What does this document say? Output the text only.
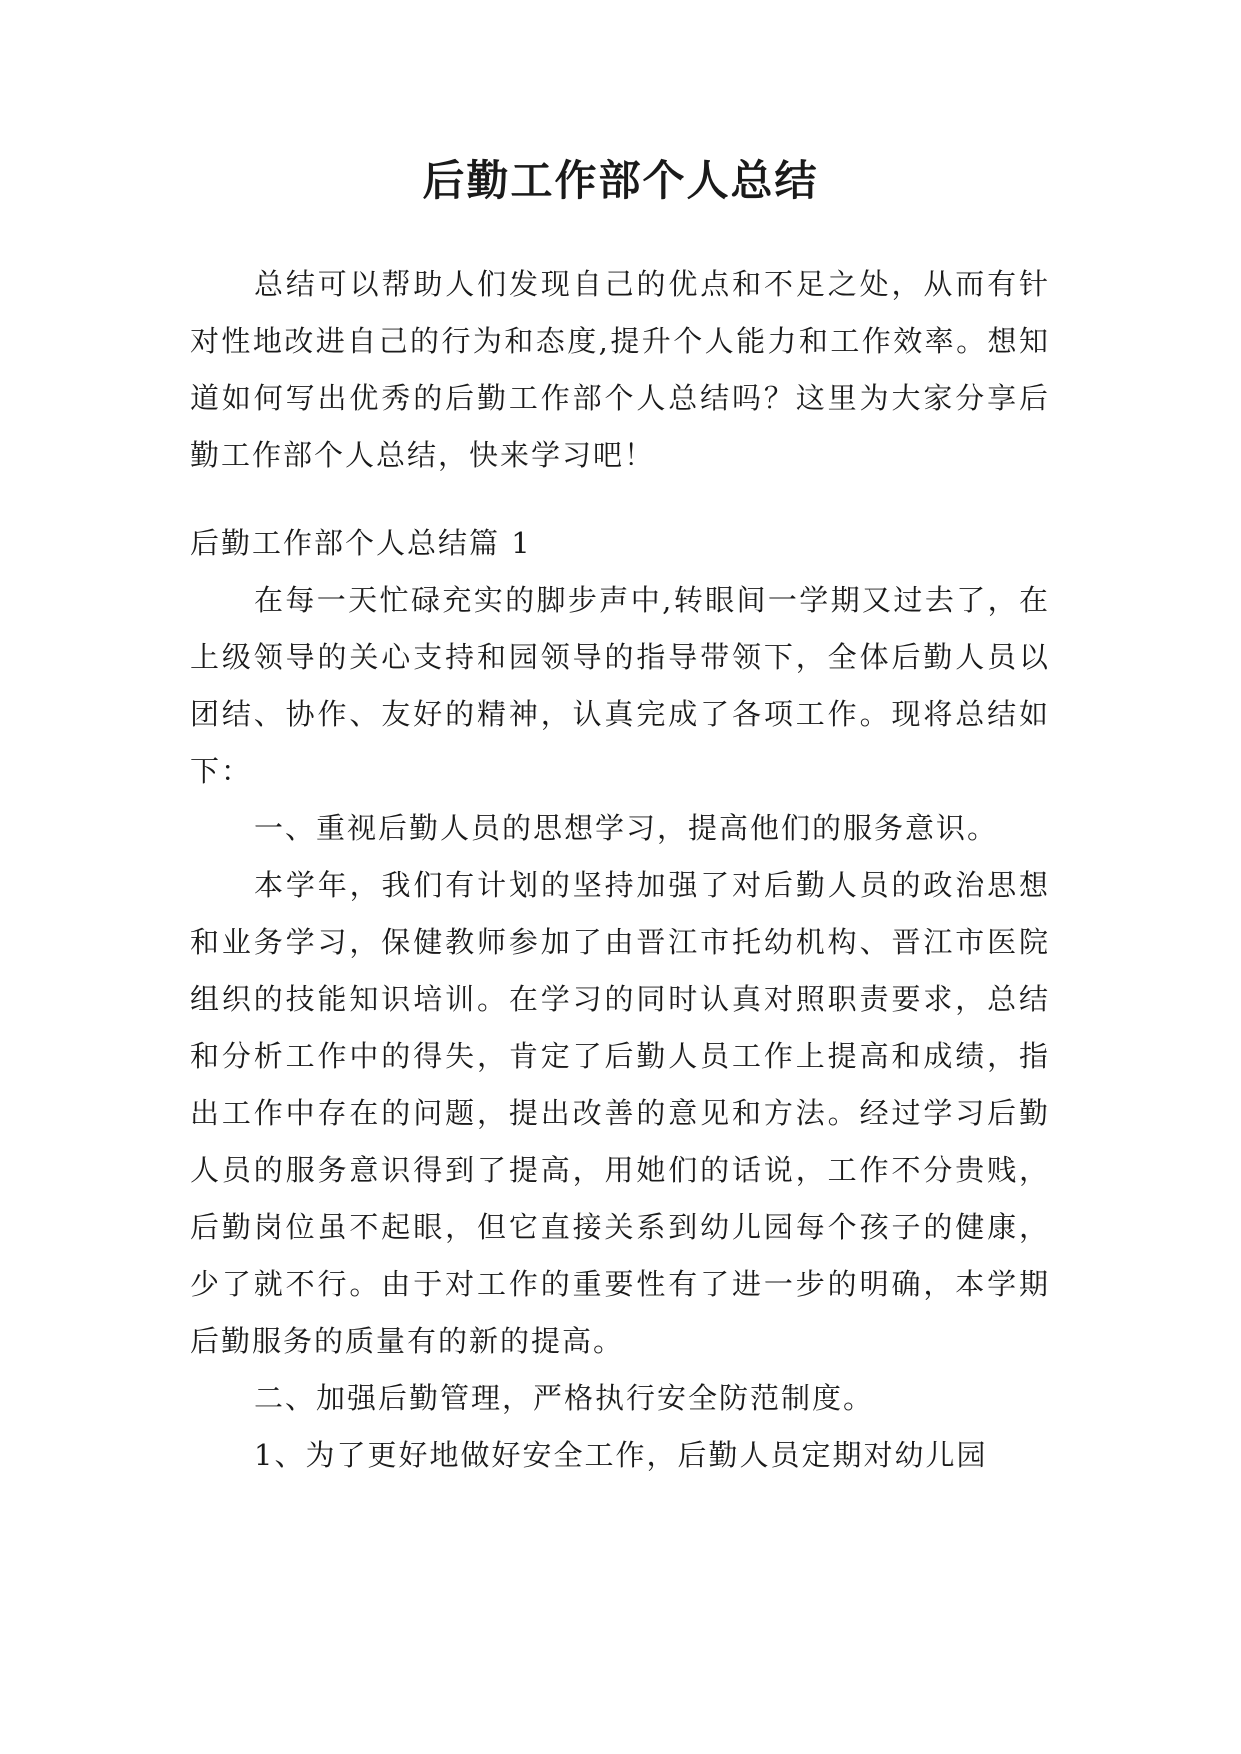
后勤工作部个人总结

总结可以帮助人们发现自己的优点和不足之处，从而有针对性地改进自己的行为和态度,提升个人能力和工作效率。想知道如何写出优秀的后勤工作部个人总结吗？这里为大家分享后勤工作部个人总结，快来学习吧！

后勤工作部个人总结篇 1

在每一天忙碌充实的脚步声中,转眼间一学期又过去了，在上级领导的关心支持和园领导的指导带领下，全体后勤人员以团结、协作、友好的精神，认真完成了各项工作。现将总结如下：

一、重视后勤人员的思想学习，提高他们的服务意识。

本学年，我们有计划的坚持加强了对后勤人员的政治思想和业务学习，保健教师参加了由晋江市托幼机构、晋江市医院组织的技能知识培训。在学习的同时认真对照职责要求，总结和分析工作中的得失，肯定了后勤人员工作上提高和成绩，指出工作中存在的问题，提出改善的意见和方法。经过学习后勤人员的服务意识得到了提高，用她们的话说，工作不分贵贱，后勤岗位虽不起眼，但它直接关系到幼儿园每个孩子的健康，少了就不行。由于对工作的重要性有了进一步的明确，本学期后勤服务的质量有的新的提高。

二、加强后勤管理，严格执行安全防范制度。

1、为了更好地做好安全工作，后勤人员定期对幼儿园
